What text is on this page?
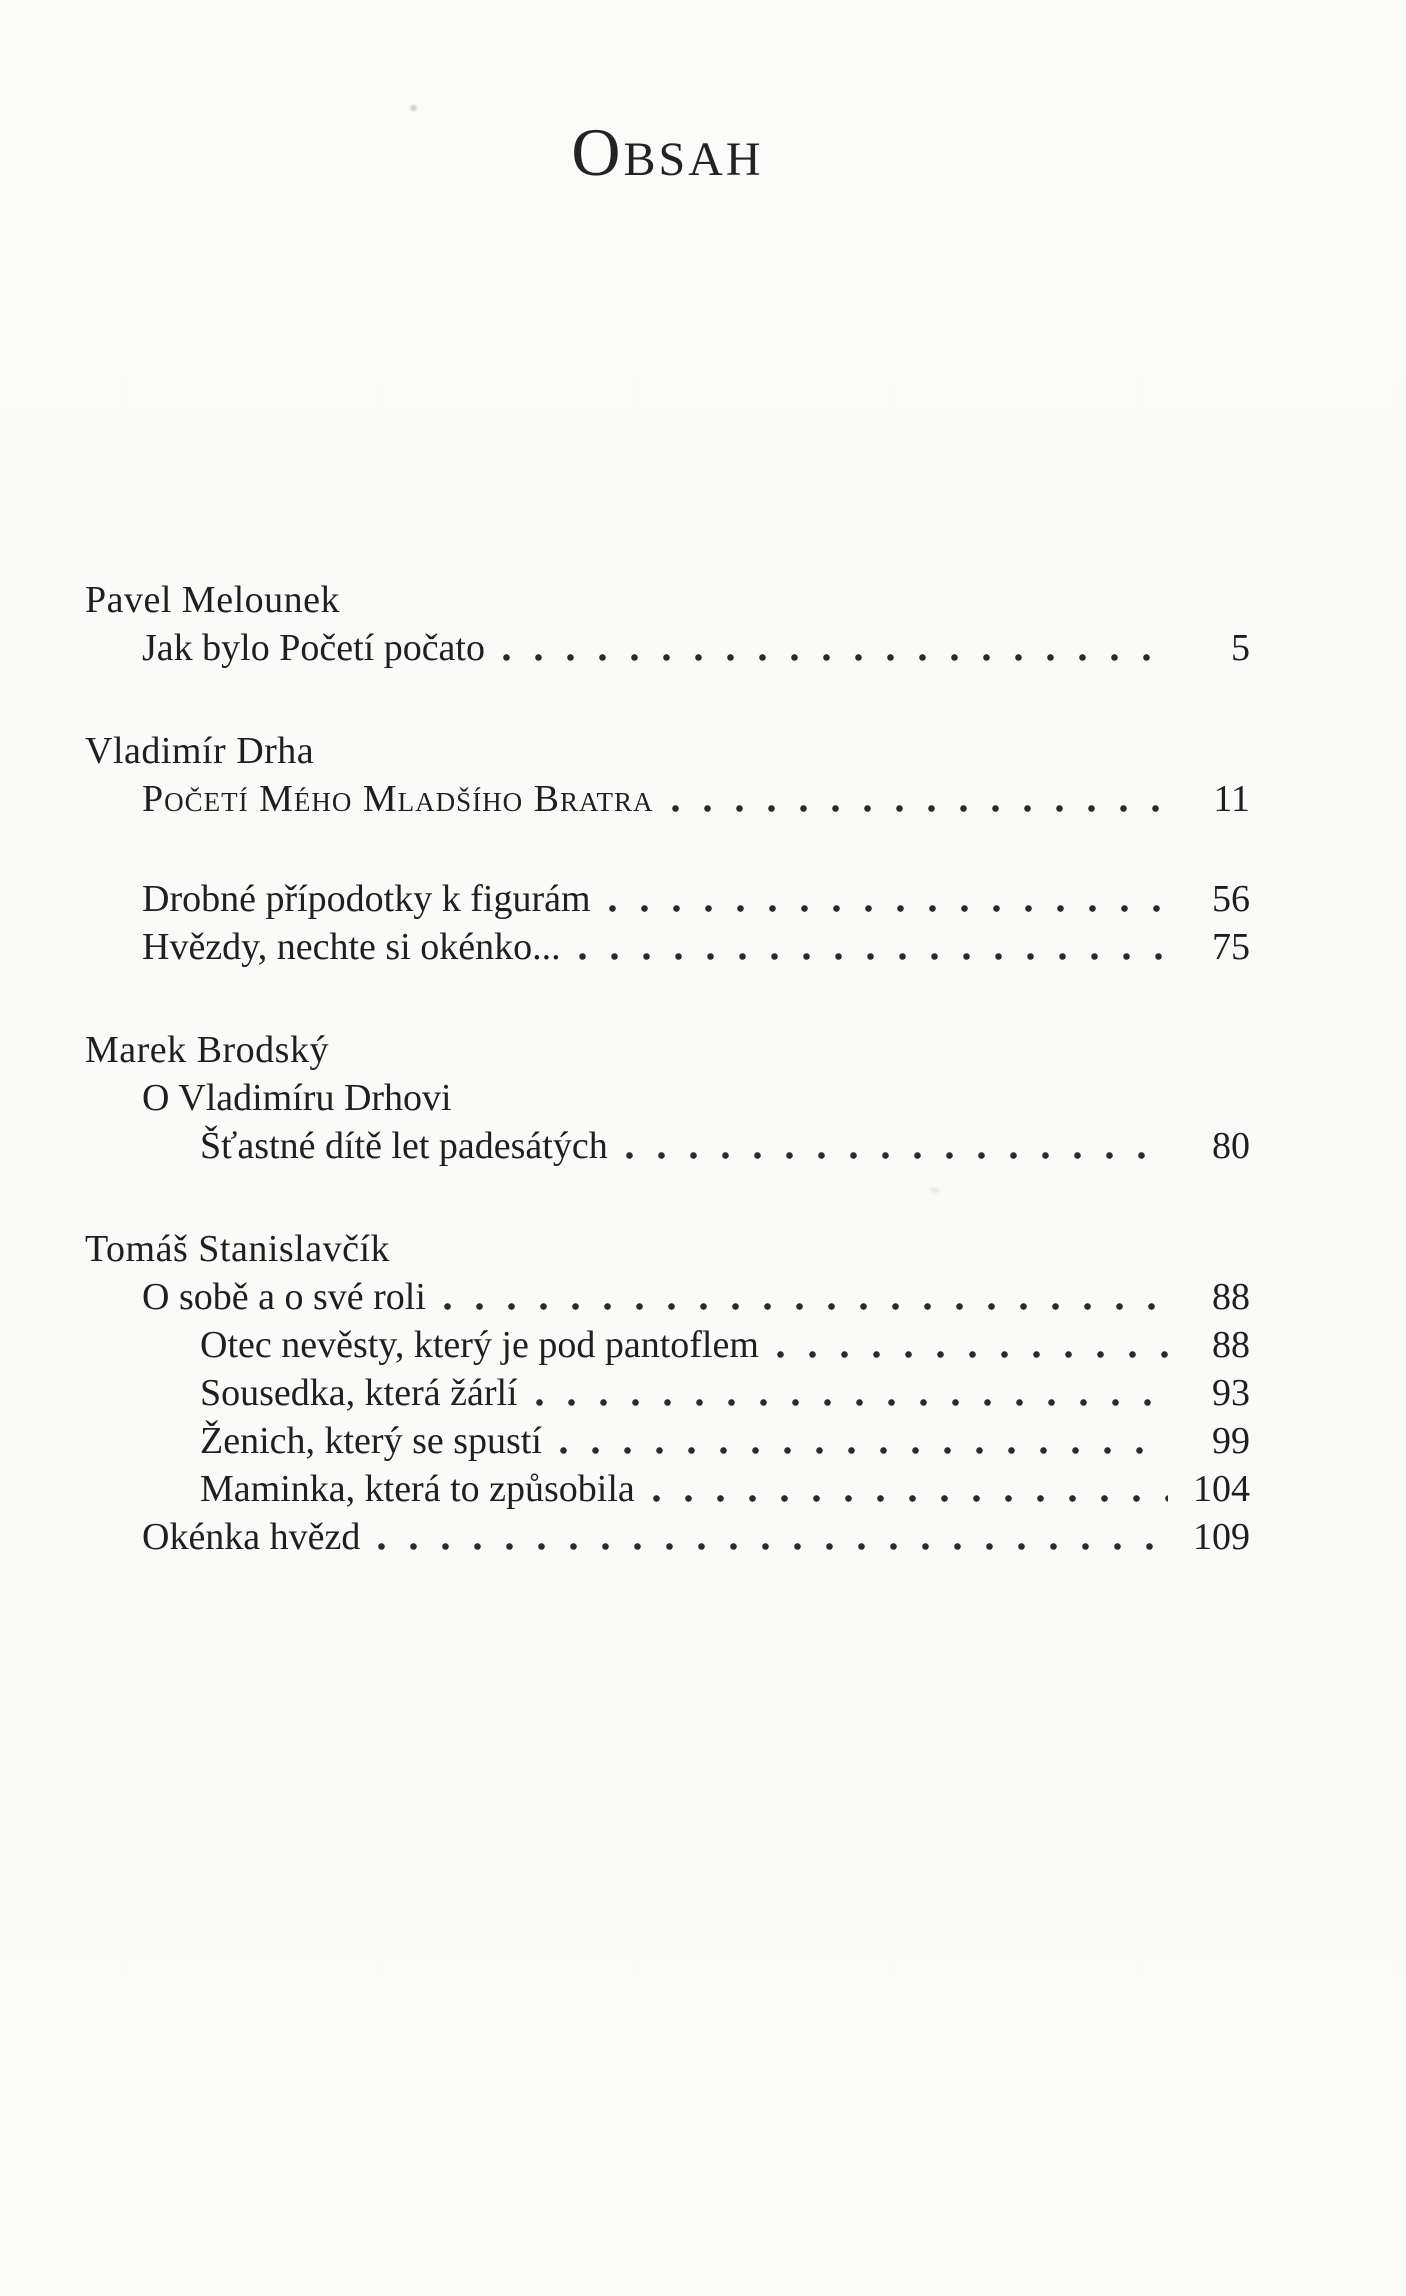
Obsah
Pavel Melounek
Jak bylo Početí počato	5
Vladimír Drha
Početí Mého Mladšího Bratra	11
Drobné přípodotky k figurám	56
Hvězdy, nechte si okénko...	75
Marek Brodský
O Vladimíru Drhovi
Šťastné dítě let padesátých	80
Tomáš Stanislavčík
O sobě a o své roli	88
Otec nevěsty, který je pod pantoflem	88
Sousedka, která žárlí	93
Ženich, který se spustí	99
Maminka, která to způsobila	104
Okénka hvězd	109
